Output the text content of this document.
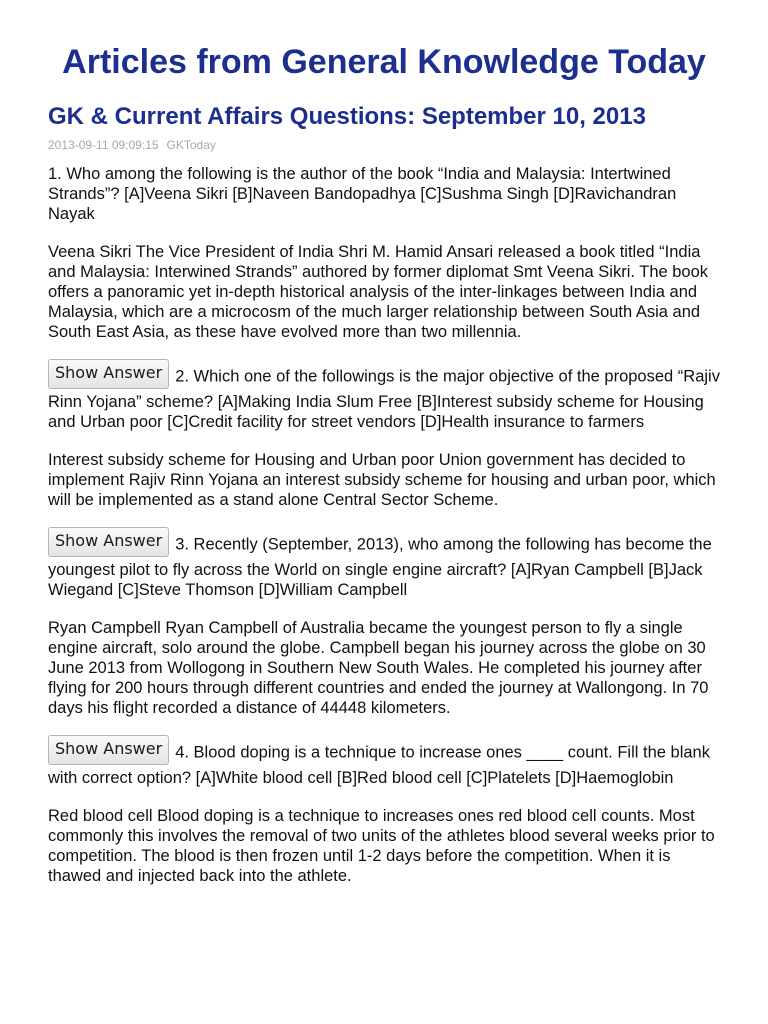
Articles from General Knowledge Today
GK & Current Affairs Questions: September 10, 2013
2013-09-11 09:09:15 GKToday

1. Who among the following is the author of the book “India and Malaysia: Intertwined Strands”? [A]Veena Sikri [B]Naveen Bandopadhya [C]Sushma Singh [D]Ravichandran Nayak

Veena Sikri The Vice President of India Shri M. Hamid Ansari released a book titled “India and Malaysia: Interwined Strands” authored by former diplomat Smt Veena Sikri. The book offers a panoramic yet in-depth historical analysis of the inter-linkages between India and Malaysia, which are a microcosm of the much larger relationship between South Asia and South East Asia, as these have evolved more than two millennia.

Show Answer 2. Which one of the followings is the major objective of the proposed “Rajiv Rinn Yojana” scheme? [A]Making India Slum Free [B]Interest subsidy scheme for Housing and Urban poor [C]Credit facility for street vendors [D]Health insurance to farmers

Interest subsidy scheme for Housing and Urban poor Union government has decided to implement Rajiv Rinn Yojana an interest subsidy scheme for housing and urban poor, which will be implemented as a stand alone Central Sector Scheme.

Show Answer 3. Recently (September, 2013), who among the following has become the youngest pilot to fly across the World on single engine aircraft? [A]Ryan Campbell [B]Jack Wiegand [C]Steve Thomson [D]William Campbell

Ryan Campbell Ryan Campbell of Australia became the youngest person to fly a single engine aircraft, solo around the globe. Campbell began his journey across the globe on 30 June 2013 from Wollogong in Southern New South Wales. He completed his journey after flying for 200 hours through different countries and ended the journey at Wallongong. In 70 days his flight recorded a distance of 44448 kilometers.

Show Answer 4. Blood doping is a technique to increase ones ____ count. Fill the blank with correct option? [A]White blood cell [B]Red blood cell [C]Platelets [D]Haemoglobin

Red blood cell Blood doping is a technique to increases ones red blood cell counts. Most commonly this involves the removal of two units of the athletes blood several weeks prior to competition. The blood is then frozen until 1-2 days before the competition. When it is thawed and injected back into the athlete.
